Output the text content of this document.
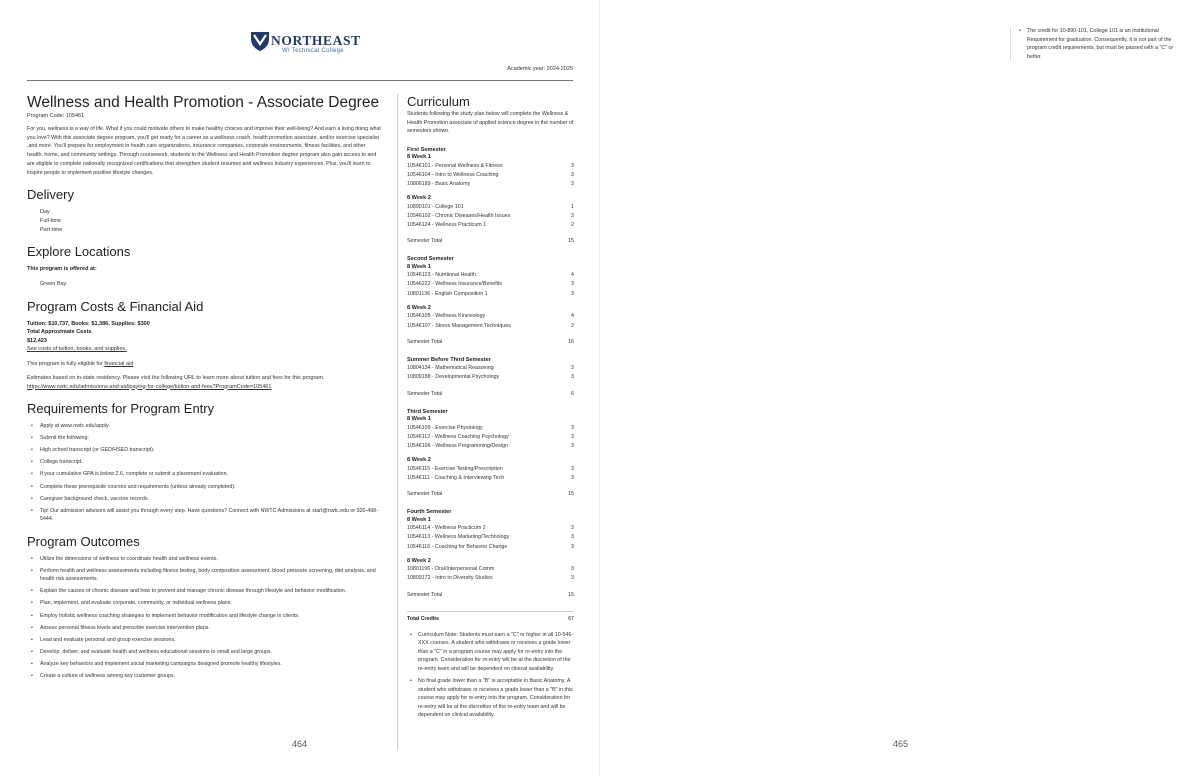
NORTHEAST
WI Technical College
Academic year: 2024-2025
Wellness and Health Promotion - Associate Degree
Program Code: 105461

For you, wellness is a way of life. What if you could motivate others to make healthy choices and improve their well-being? And earn a living doing what you love? With this associate degree program, you'll get ready for a career as a wellness coach, health promotion associate, and/or exercise specialist ,and more. You'll prepare for employment in health care organizations, insurance companies, corporate environments, fitness facilities, and other health, home, and community settings. Through coursework, students in the Wellness and Health Promotion degree program also gain access to and are eligible to complete nationally recognized certifications that strengthen student resumes and wellness industry experiences. Plus, you'll learn to inspire people to implement positive lifestyle changes.

Delivery
Day
Full-time
Part-time
Explore Locations
This program is offered at:
Green Bay
Program Costs & Financial Aid
Tuition: $10,737, Books: $1,386, Supplies: $300
Total Approximate Costs
$12,423
See costs of tuition, books, and supplies.
This program is fully eligible for financial aid.
Estimates based on in-state residency. Please visit the following URL to learn more about tuition and fees for this program.
https://www.nwtc.edu/admissions-and-aid/paying-for-college/tuition-and-fees?ProgramCode=105461
Requirements for Program Entry
• Apply at www.nwtc.edu/apply.
• Submit the following:
• High school transcript (or GED/HSED transcript).
• College transcript.
• If your cumulative GPA is below 2.6, complete or submit a placement evaluation.
• Complete these prerequisite courses and requirements (unless already completed):
• Caregiver background check, vaccine records.
• Tip! Our admission advisors will assist you through every step. Have questions? Connect with NWTC Admissions at start@nwtc.edu or 920-498-5444.
Program Outcomes
• Utilize the dimensions of wellness to coordinate health and wellness events.
• Perform health and wellness assessments including fitness testing, body composition assessment, blood pressure screening, diet analysis, and health risk assessments.
• Explain the causes of chronic disease and how to prevent and manage chronic disease through lifestyle and behavior modification.
• Plan, implement, and evaluate corporate, community, or individual wellness plans.
• Employ holistic wellness coaching strategies to implement behavior modification and lifestyle change in clients.
• Assess personal fitness levels and prescribe exercise intervention plans.
• Lead and evaluate personal and group exercise sessions.
• Develop, deliver, and evaluate health and wellness educational sessions to small and large groups.
• Analyze key behaviors and implement social marketing campaigns designed promote healthy lifestyles.
• Create a culture of wellness among key customer groups.
Curriculum
Students following the study plan below will complete the Wellness & Health Promotion associate of applied science degree in the number of semesters shown.
First Semester
8 Week 1
10546101 - Personal Wellness & Fitness	3
10546104 - Intro to Wellness Coaching	3
10806189 - Basic Anatomy	3
8 Week 2
10890101 - College 101	1
10546102 - Chronic Diseases/Health Issues	3
10546124 - Wellness Practicum 1	2
Semester Total	15
Second Semester
8 Week 1
10546123 - Nutritional Health	4
10546222 - Wellness Insurance/Benefits	3
10801136 - English Composition 1	3
8 Week 2
10546105 - Wellness Kinesiology	4
10546107 - Stress Management Techniques	2
Semester Total	16
Summer Before Third Semester
10804134 - Mathematical Reasoning	3
10809188 - Developmental Psychology	3
Semester Total	6
Third Semester
8 Week 1
10546109 - Exercise Physiology	3
10546112 - Wellness Coaching Psychology	3
10546106 - Wellness Programming/Design	3
8 Week 2
10546115 - Exercise Testing/Prescription	3
10546111 - Coaching & Interviewing Tech	3
Semester Total	15
Fourth Semester
8 Week 1
10546114 - Wellness Practicum 2	3
10546113 - Wellness Marketing/Technology	3
10546116 - Coaching for Behavior Change	3
8 Week 2
10801196 - Oral/Interpersonal Comm	3
10809172 - Intro to Diversity Studies	3
Semester Total	15
Total Credits	67
• Curriculum Note: Students must earn a "C" or higher in all 10-546-XXX courses. A student who withdraws or receives a grade lower than a "C" in a program course may apply for re-entry into the program. Consideration for re-entry will be at the discretion of the re-entry team and will be dependent on clinical availability.
• No final grade lower than a "B" is acceptable in Basic Anatomy. A student who withdraws or receives a grade lower than a "B" in this course may apply for re-entry into the program. Consideration for re-entry will be at the discretion of the re-entry team and will be dependent on clinical availability.
464
• The credit for 10-890-101, College 101 is an Institutional Requirement for graduation. Consequently, it is not part of the program credit requirements, but must be passed with a "C" or better.
465
